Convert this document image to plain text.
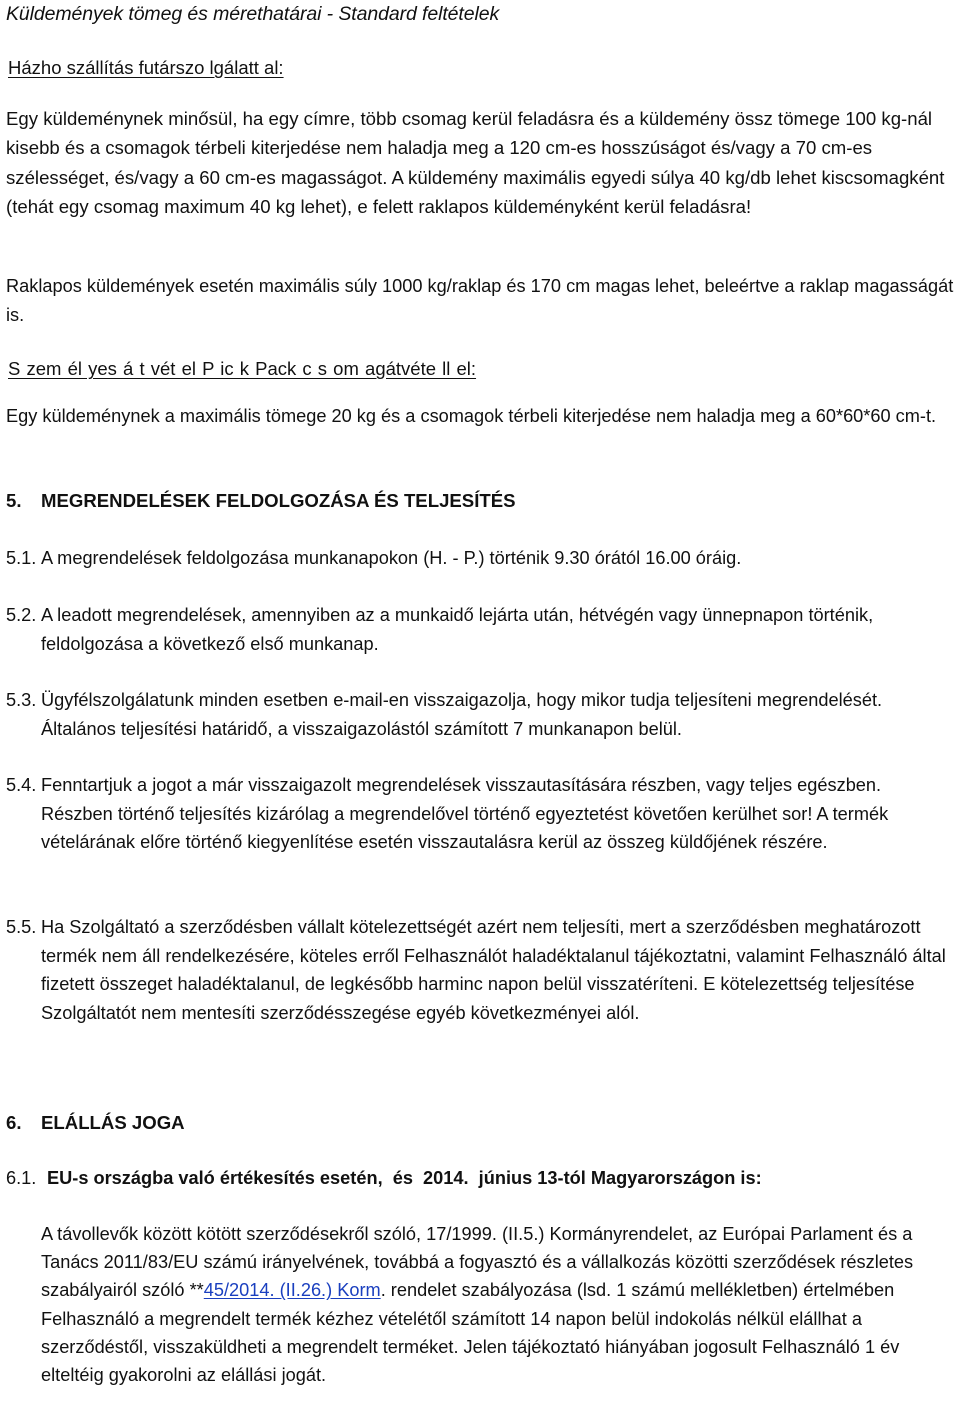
Küldemények tömeg és mérethatárai - Standard feltételek
Házho szállítás futárszo lgálatt al:
Egy küldeménynek minősül, ha egy címre, több csomag kerül feladásra és a küldemény össz tömege 100 kg-nál kisebb és a csomagok térbeli kiterjedése nem haladja meg a 120 cm-es hosszúságot és/vagy a 70 cm-es szélességet, és/vagy a 60 cm-es magasságot. A küldemény maximális egyedi súlya 40 kg/db lehet kiscsomagként (tehát egy csomag maximum 40 kg lehet), e felett raklapos küldeményként kerül feladásra!
Raklapos küldemények esetén maximális súly 1000 kg/raklap és 170 cm magas lehet, beleértve a raklap magasságát is.
S zem él yes á t vét el P ic k Pack c s om agátvéte ll el:
Egy küldeménynek a maximális tömege 20 kg és a csomagok térbeli kiterjedése nem haladja meg a 60*60*60 cm-t.
5.	MEGRENDELÉSEK FELDOLGOZÁSA ÉS TELJESÍTÉS
5.1. A megrendelések feldolgozása munkanapokon (H. - P.) történik 9.30 órától 16.00 óráig.
5.2. A leadott megrendelések, amennyiben az a munkaidő lejárta után, hétvégén vagy ünnepnapon történik, feldolgozása a következő első munkanap.
5.3. Ügyfélszolgálatunk minden esetben e-mail-en visszaigazolja, hogy mikor tudja teljesíteni megrendelését. Általános teljesítési határidő, a visszaigazolástól számított 7 munkanapon belül.
5.4. Fenntartjuk a jogot a már visszaigazolt megrendelések visszautasítására részben, vagy teljes egészben. Részben történő teljesítés kizárólag a megrendelővel történő egyeztetést követően kerülhet sor! A termék vételárának előre történő kiegyenlítése esetén visszautalásra kerül az összeg küldőjének részére.
5.5. Ha Szolgáltató a szerződésben vállalt kötelezettségét azért nem teljesíti, mert a szerződésben meghatározott termék nem áll rendelkezésére, köteles erről Felhasználót haladéktalanul tájékoztatni, valamint Felhasználó által fizetett összeget haladéktalanul, de legkésőbb harminc napon belül visszatéríteni. E kötelezettség teljesítése Szolgáltatót nem mentesíti szerződésszegése egyéb következményei alól.
6.	ELÁLLÁS JOGA
6.1. EU-s országba való értékesítés esetén,  és  2014.  június 13-tól Magyarországon is:
A távollevők között kötött szerződésekről szóló, 17/1999. (II.5.) Kormányrendelet, az Európai Parlament és a Tanács 2011/83/EU számú irányelvének, továbbá a fogyasztó és a vállalkozás közötti szerződések részletes szabályairól szóló **45/2014. (II.26.) Korm. rendelet szabályozása (lsd. 1 számú mellékletben) értelmében Felhasználó a megrendelt termék kézhez vételétől számított 14 napon belül indokolás nélkül elállhat a szerződéstől, visszaküldheti a megrendelt terméket. Jelen tájékoztató hiányában jogosult Felhasználó 1 év elteltéig gyakorolni az elállási jogát.
